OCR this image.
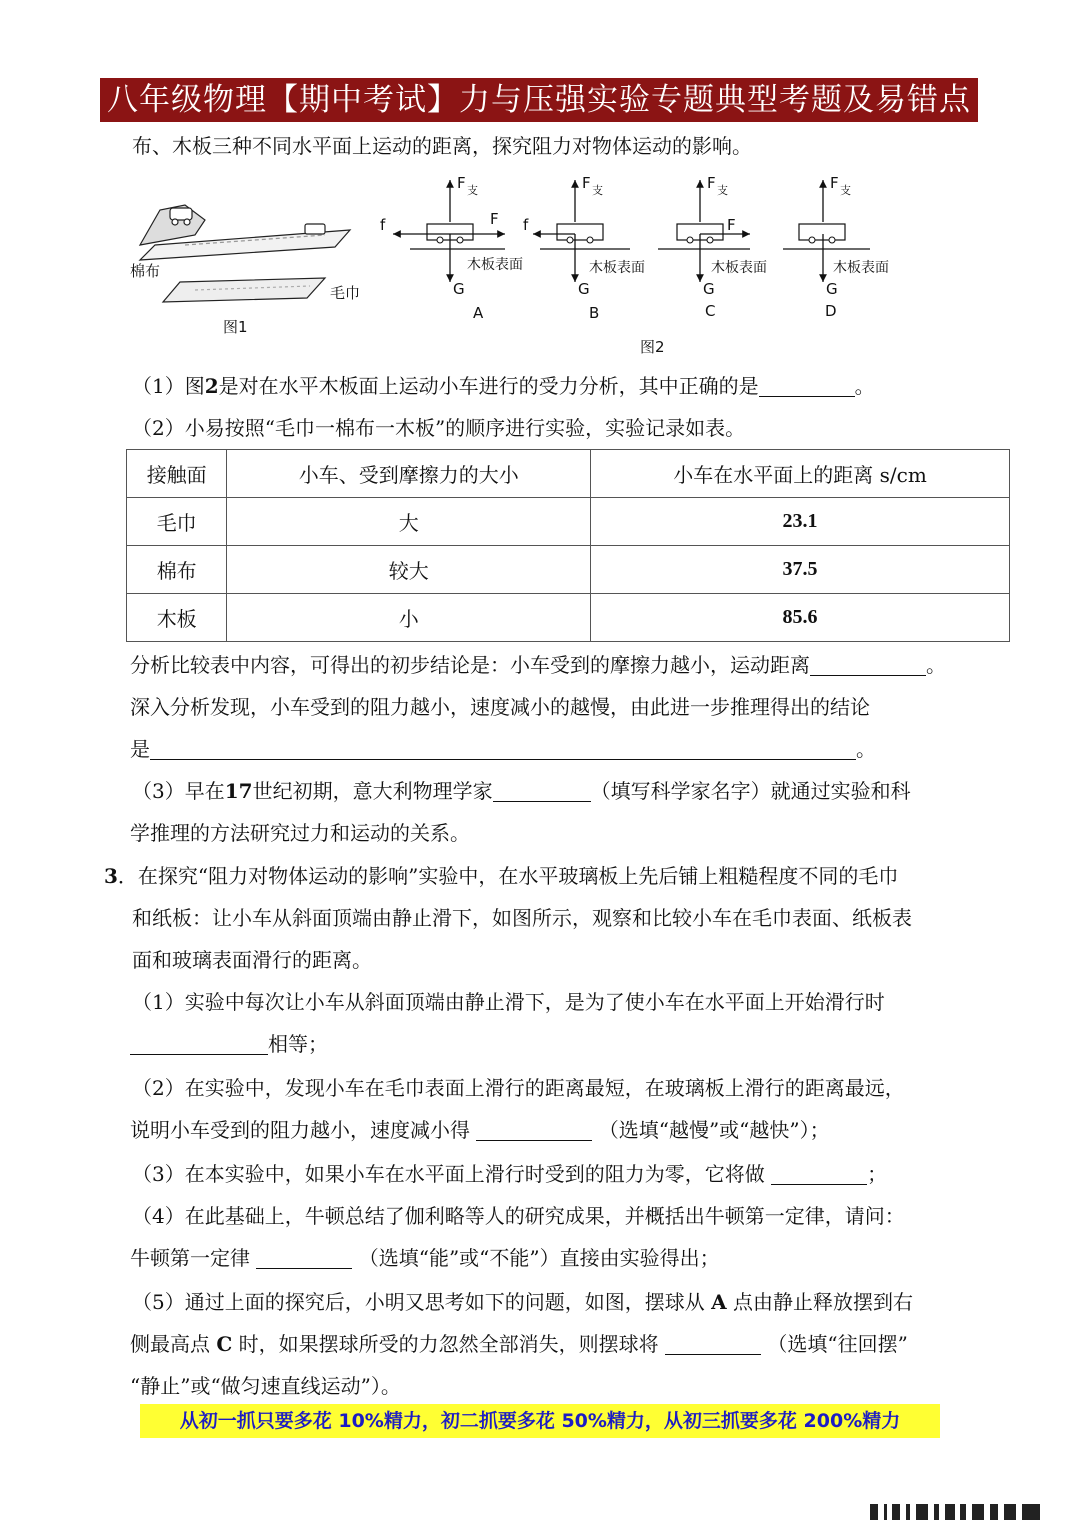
八年级物理【期中考试】力与压强实验专题典型考题及易错点
布、木板三种不同水平面上运动的距离，探究阻力对物体运动的影响。
棉布
毛巾
图1
F 支
f	F
G
木板表面
A
F 支
f
G
木板表面
B
F 支
F
G
木板表面
C
F 支
G
木板表面
D
图2
（1）图2是对在水平木板面上运动小车进行的受力分析，其中正确的是	。
（2）小易按照“毛巾一棉布一木板”的顺序进行实验，实验记录如表。
接触面	小车、受到摩擦力的大小	小车在水平面上的距离 s/cm
毛巾	大	23.1
棉布	较大	37.5
木板	小	85.6
分析比较表中内容，可得出的初步结论是：小车受到的摩擦力越小，运动距离	。
深入分析发现，小车受到的阻力越小，速度减小的越慢，由此进一步推理得出的结论
是	。
（3）早在17世纪初期，意大利物理学家	（填写科学家名字）就通过实验和科
学推理的方法研究过力和运动的关系。
3．在探究“阻力对物体运动的影响”实验中，在水平玻璃板上先后铺上粗糙程度不同的毛巾
和纸板：让小车从斜面顶端由静止滑下，如图所示，观察和比较小车在毛巾表面、纸板表
面和玻璃表面滑行的距离。
（1）实验中每次让小车从斜面顶端由静止滑下，是为了使小车在水平面上开始滑行时
相等；
（2）在实验中，发现小车在毛巾表面上滑行的距离最短，在玻璃板上滑行的距离最远，
说明小车受到的阻力越小，速度减小得	（选填“越慢”或“越快”）；
（3）在本实验中，如果小车在水平面上滑行时受到的阻力为零，它将做	；
（4）在此基础上，牛顿总结了伽利略等人的研究成果，并概括出牛顿第一定律，请问：
牛顿第一定律	（选填“能”或“不能”）直接由实验得出；
（5）通过上面的探究后，小明又思考如下的问题，如图，摆球从 A 点由静止释放摆到右
侧最高点 C 时，如果摆球所受的力忽然全部消失，则摆球将	（选填“往回摆”
“静止”或“做匀速直线运动”）。
从初一抓只要多花 10%精力，初二抓要多花 50%精力，从初三抓要多花 200%精力
